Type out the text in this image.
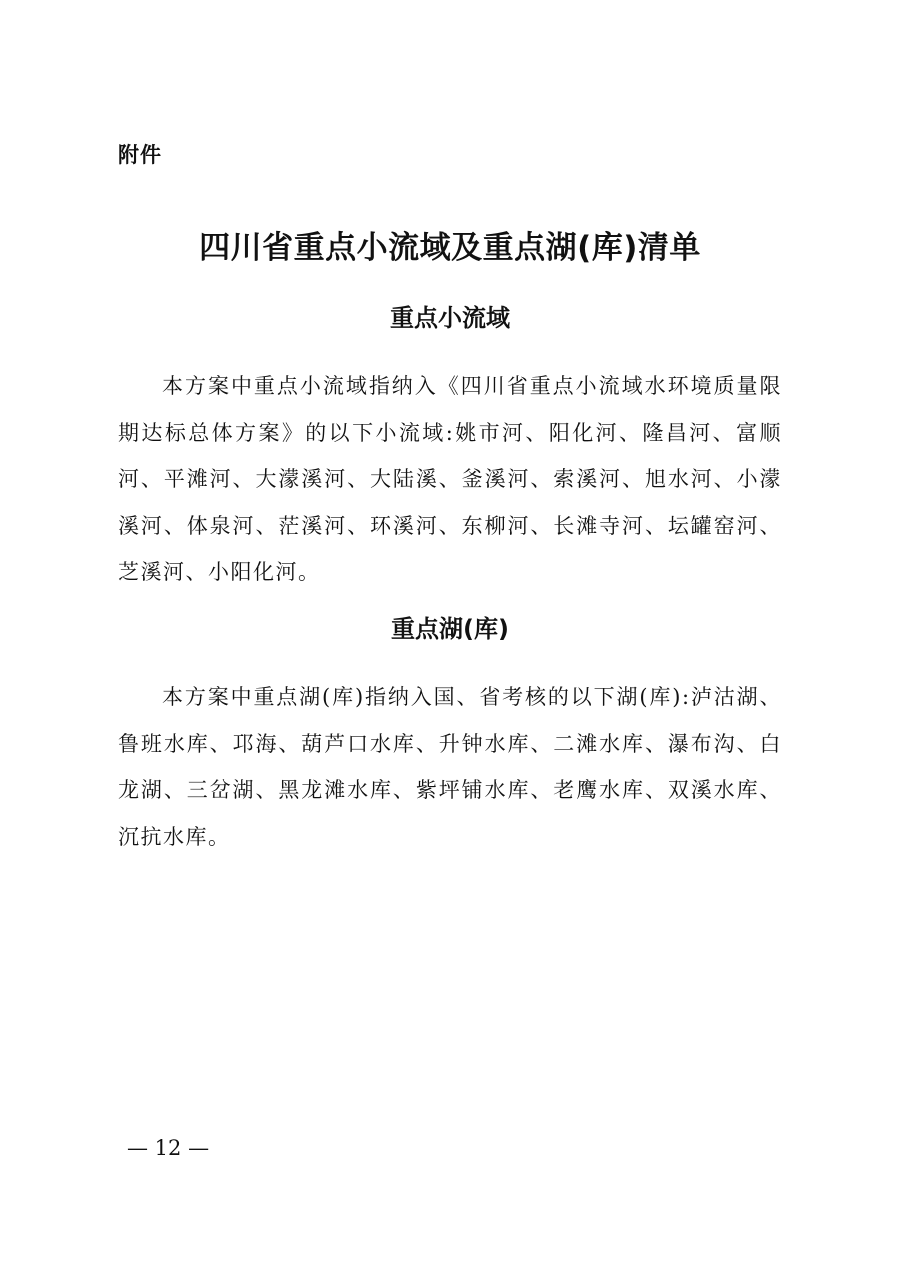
附件
四川省重点小流域及重点湖(库)清单
重点小流域

本方案中重点小流域指纳入《四川省重点小流域水环境质量限期达标总体方案》的以下小流域:姚市河、阳化河、隆昌河、富顺河、平滩河、大濛溪河、大陆溪、釜溪河、索溪河、旭水河、小濛溪河、体泉河、茫溪河、环溪河、东柳河、长滩寺河、坛罐窑河、芝溪河、小阳化河。

重点湖(库)

本方案中重点湖(库)指纳入国、省考核的以下湖(库):泸沽湖、鲁班水库、邛海、葫芦口水库、升钟水库、二滩水库、瀑布沟、白龙湖、三岔湖、黑龙滩水库、紫坪铺水库、老鹰水库、双溪水库、沉抗水库。

— 12 —
